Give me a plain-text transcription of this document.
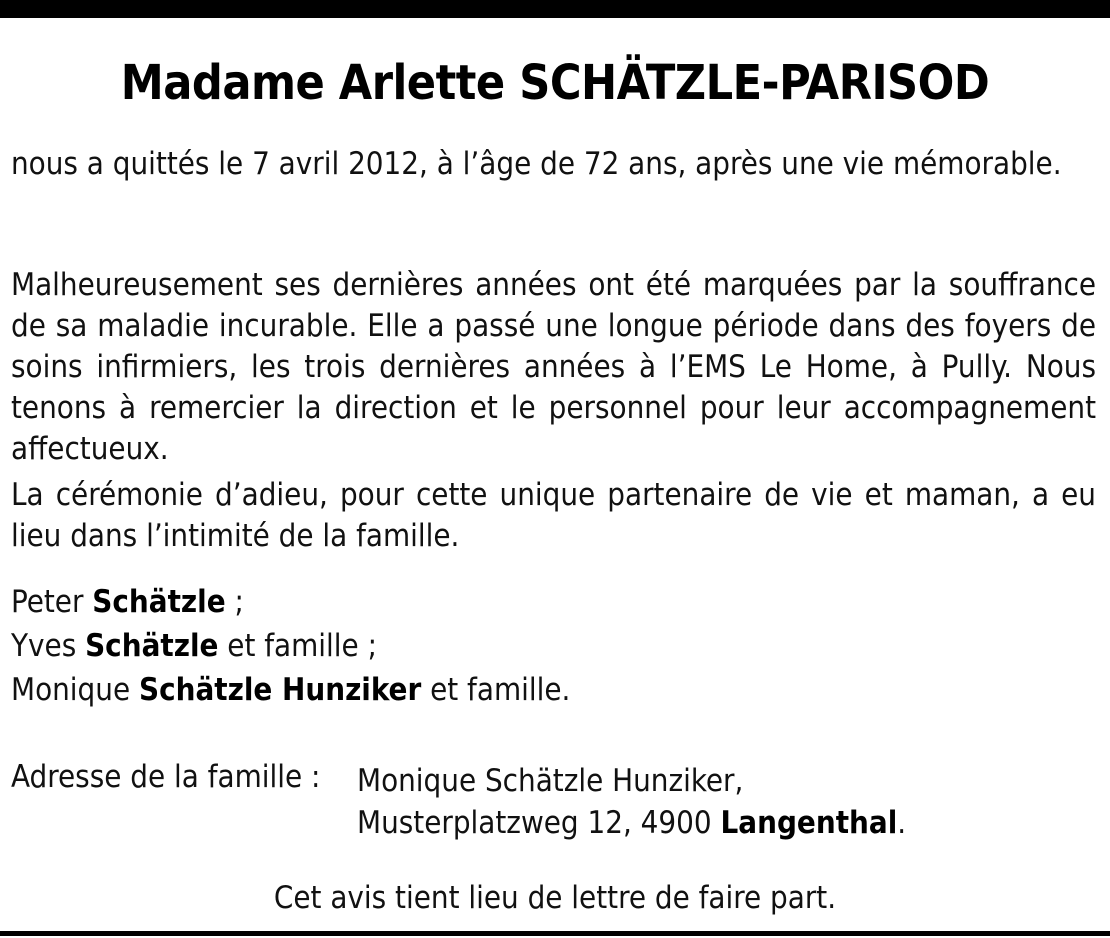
Madame Arlette SCHÄTZLE-PARISOD

nous a quittés le 7 avril 2012, à l’âge de 72 ans, après une vie mémorable.

Malheureusement ses dernières années ont été marquées par la souffrance de sa maladie incurable. Elle a passé une longue période dans des foyers de soins infirmiers, les trois dernières années à l’EMS Le Home, à Pully. Nous tenons à remercier la direction et le personnel pour leur accompagnement affectueux.

La cérémonie d’adieu, pour cette unique partenaire de vie et maman, a eu lieu dans l’intimité de la famille.

Peter Schätzle ;
Yves Schätzle et famille ;
Monique Schätzle Hunziker et famille.
Adresse de la famille : Monique Schätzle Hunziker,
Musterplatzweg 12, 4900 Langenthal.
Cet avis tient lieu de lettre de faire part.
